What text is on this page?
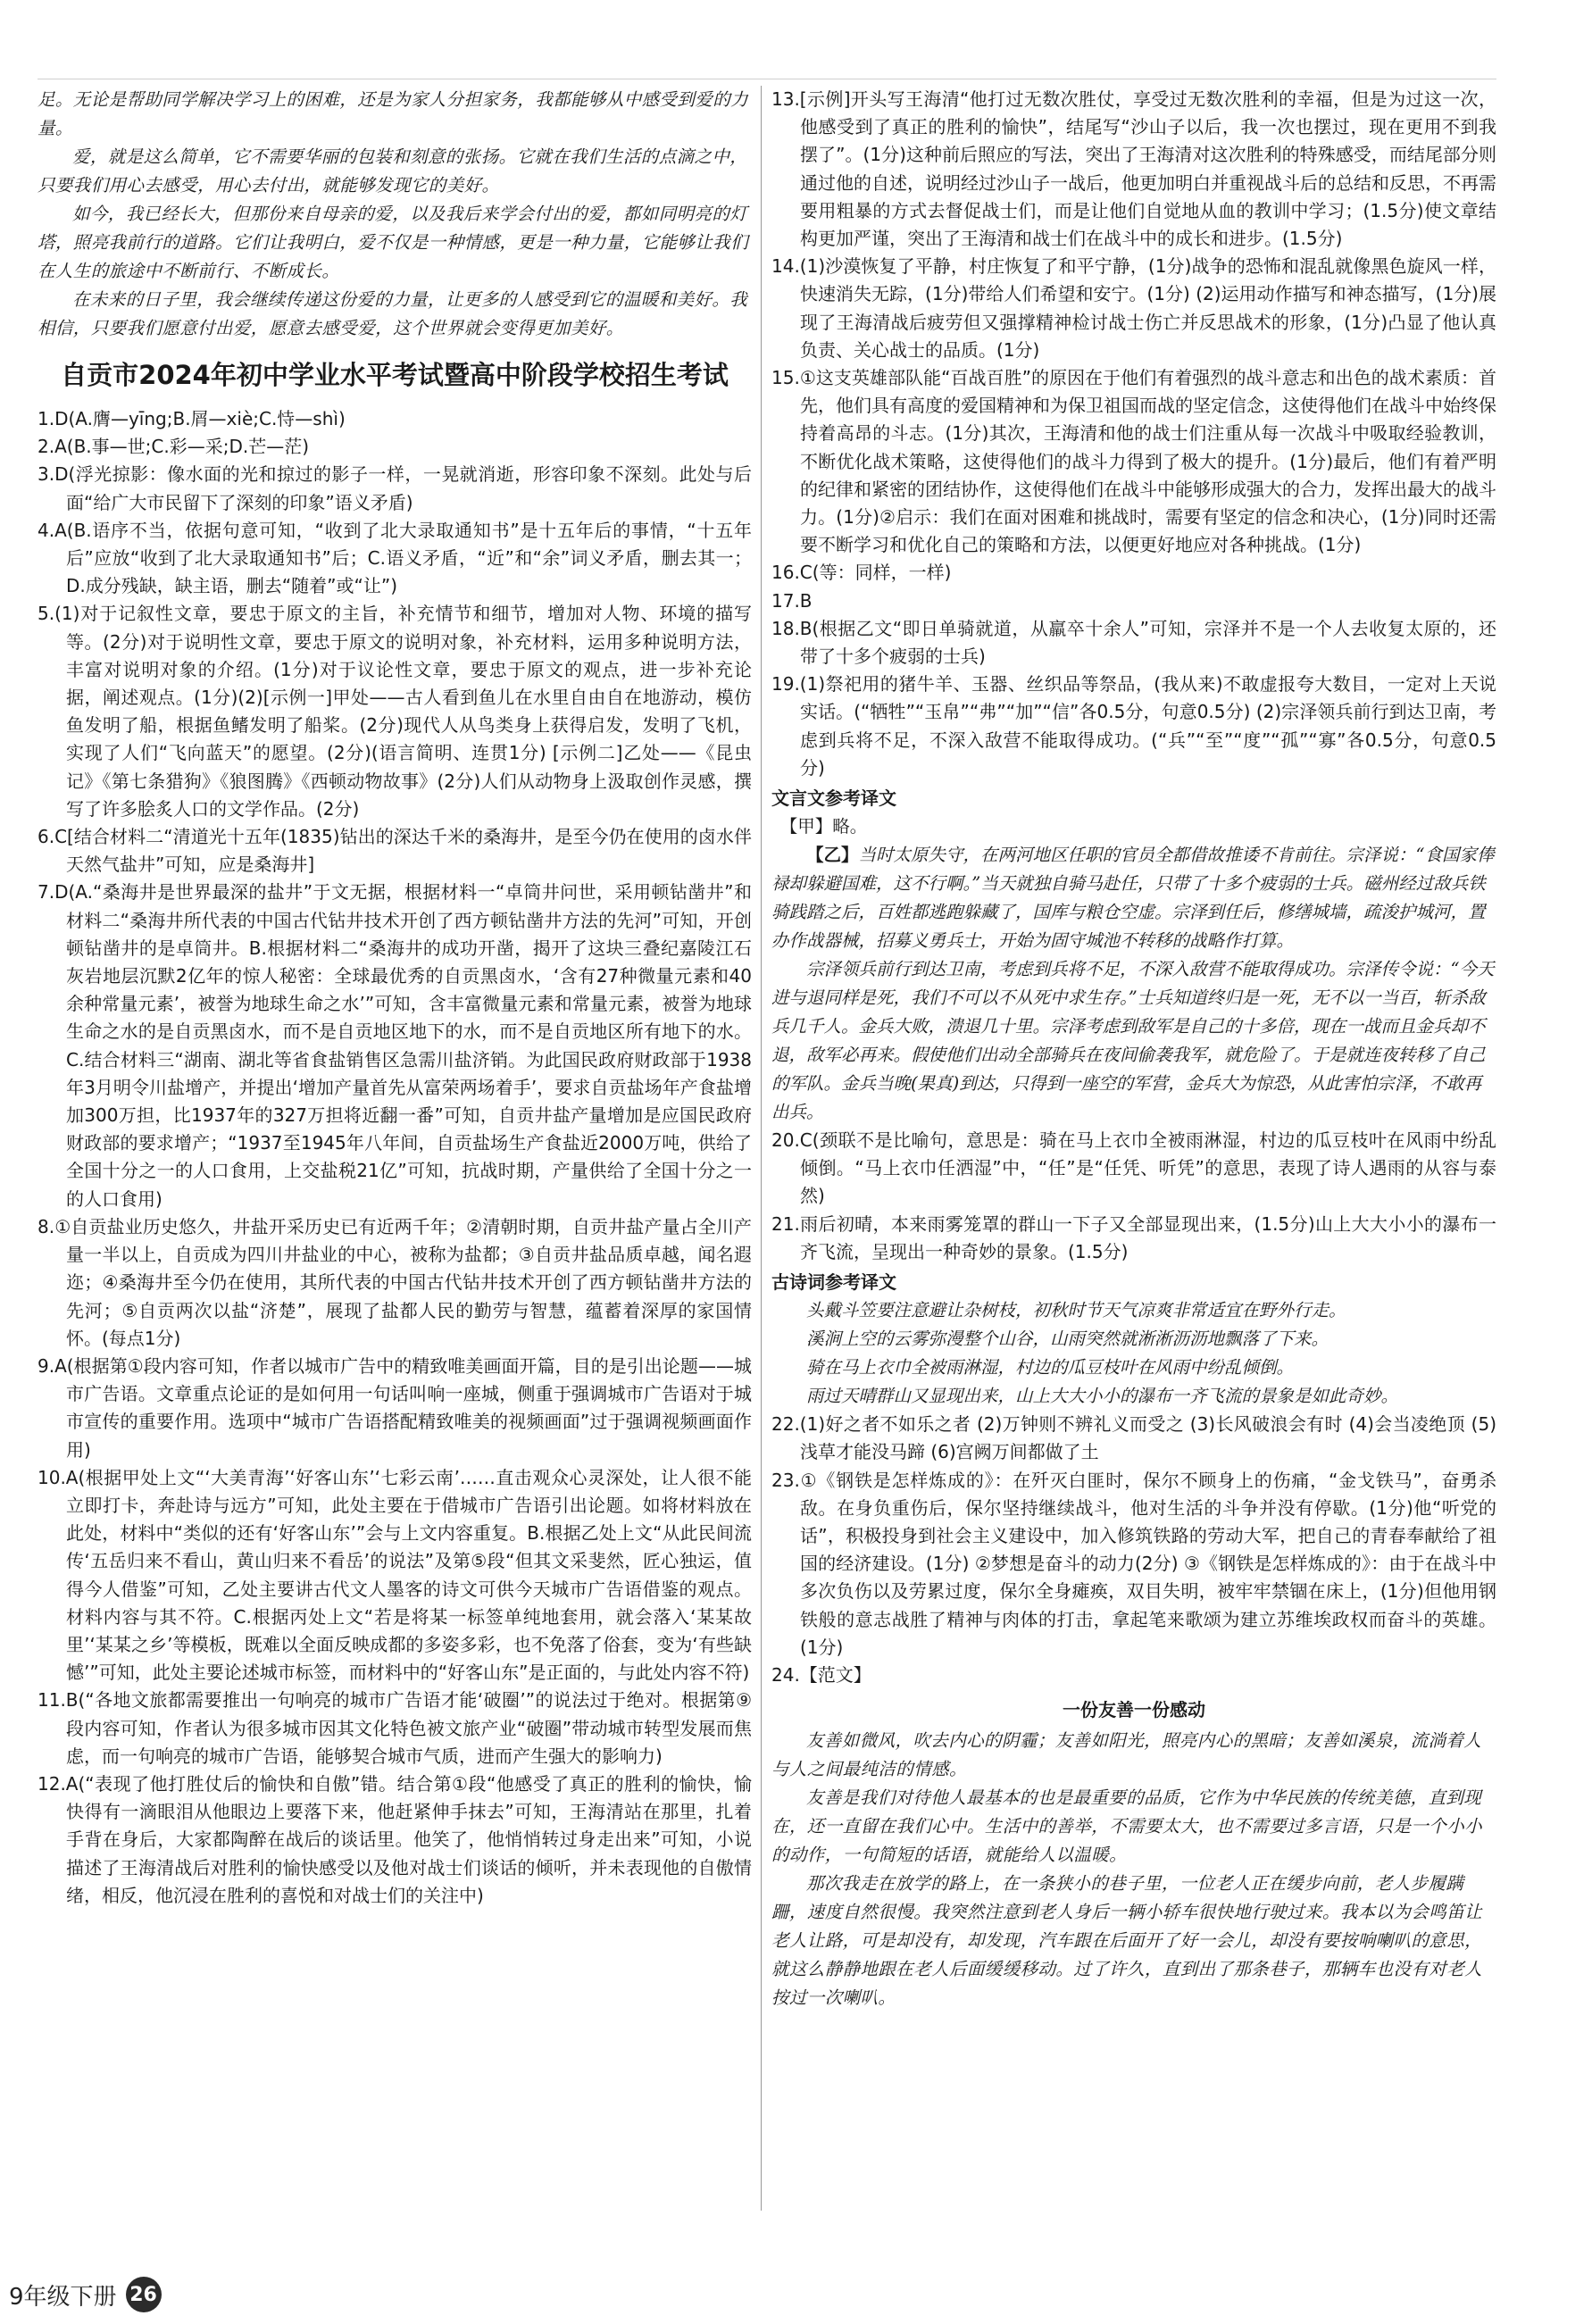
足。无论是帮助同学解决学习上的困难，还是为家人分担家务，我都能够从中感受到爱的力量。

爱，就是这么简单，它不需要华丽的包装和刻意的张扬。它就在我们生活的点滴之中，只要我们用心去感受，用心去付出，就能够发现它的美好。

如今，我已经长大，但那份来自母亲的爱，以及我后来学会付出的爱，都如同明亮的灯塔，照亮我前行的道路。它们让我明白，爱不仅是一种情感，更是一种力量，它能够让我们在人生的旅途中不断前行、不断成长。

在未来的日子里，我会继续传递这份爱的力量，让更多的人感受到它的温暖和美好。我相信，只要我们愿意付出爱，愿意去感受爱，这个世界就会变得更加美好。

自贡市2024年初中学业水平考试暨高中阶段学校招生考试

1.D(A.膺—yīng;B.屑—xiè;C.恃—shì)

2.A(B.事—世;C.彩—采;D.芒—茫)

3.D(浮光掠影：像水面的光和掠过的影子一样，一晃就消逝，形容印象不深刻。此处与后面“给广大市民留下了深刻的印象”语义矛盾)

4.A(B.语序不当，依据句意可知，“收到了北大录取通知书”是十五年后的事情，“十五年后”应放“收到了北大录取通知书”后；C.语义矛盾，“近”和“余”词义矛盾，删去其一；D.成分残缺，缺主语，删去“随着”或“让”)

5.(1)对于记叙性文章，要忠于原文的主旨，补充情节和细节，增加对人物、环境的描写等。(2分)对于说明性文章，要忠于原文的说明对象，补充材料，运用多种说明方法，丰富对说明对象的介绍。(1分)对于议论性文章，要忠于原文的观点，进一步补充论据，阐述观点。(1分)(2)[示例一]甲处——古人看到鱼儿在水里自由自在地游动，模仿鱼发明了船，根据鱼鳍发明了船桨。(2分)现代人从鸟类身上获得启发，发明了飞机，实现了人们“飞向蓝天”的愿望。(2分)(语言简明、连贯1分) [示例二]乙处——《昆虫记》《第七条猎狗》《狼图腾》《西顿动物故事》(2分)人们从动物身上汲取创作灵感，撰写了许多脍炙人口的文学作品。(2分)

6.C[结合材料二“清道光十五年(1835)钻出的深达千米的桑海井，是至今仍在使用的卤水伴天然气盐井”可知，应是桑海井]

7.D(A.“桑海井是世界最深的盐井”于文无据，根据材料一“卓筒井问世，采用顿钻凿井”和材料二“桑海井所代表的中国古代钻井技术开创了西方顿钻凿井方法的先河”可知，开创顿钻凿井的是卓筒井。B.根据材料二“桑海井的成功开凿，揭开了这块三叠纪嘉陵江石灰岩地层沉默2亿年的惊人秘密：全球最优秀的自贡黑卤水，‘含有27种微量元素和40余种常量元素’，被誉为地球生命之水’”可知，含丰富微量元素和常量元素，被誉为地球生命之水的是自贡黑卤水，而不是自贡地区地下的水，而不是自贡地区所有地下的水。C.结合材料三“湖南、湖北等省食盐销售区急需川盐济销。为此国民政府财政部于1938年3月明令川盐增产，并提出‘增加产量首先从富荣两场着手’，要求自贡盐场年产食盐增加300万担，比1937年的327万担将近翻一番”可知，自贡井盐产量增加是应国民政府财政部的要求增产；“1937至1945年八年间，自贡盐场生产食盐近2000万吨，供给了全国十分之一的人口食用，上交盐税21亿”可知，抗战时期，产量供给了全国十分之一的人口食用)

8.①自贡盐业历史悠久，井盐开采历史已有近两千年；②清朝时期，自贡井盐产量占全川产量一半以上，自贡成为四川井盐业的中心，被称为盐都；③自贡井盐品质卓越，闻名遐迩；④桑海井至今仍在使用，其所代表的中国古代钻井技术开创了西方顿钻凿井方法的先河；⑤自贡两次以盐“济楚”，展现了盐都人民的勤劳与智慧，蕴蓄着深厚的家国情怀。(每点1分)

9.A(根据第①段内容可知，作者以城市广告中的精致唯美画面开篇，目的是引出论题——城市广告语。文章重点论证的是如何用一句话叫响一座城，侧重于强调城市广告语对于城市宣传的重要作用。选项中“城市广告语搭配精致唯美的视频画面”过于强调视频画面作用)

10.A(根据甲处上文“‘大美青海’‘好客山东’‘七彩云南’……直击观众心灵深处，让人很不能立即打卡，奔赴诗与远方”可知，此处主要在于借城市广告语引出论题。如将材料放在此处，材料中“类似的还有‘好客山东’”会与上文内容重复。B.根据乙处上文“从此民间流传‘五岳归来不看山，黄山归来不看岳’的说法”及第⑤段“但其文采斐然，匠心独运，值得今人借鉴”可知，乙处主要讲古代文人墨客的诗文可供今天城市广告语借鉴的观点。材料内容与其不符。C.根据丙处上文“若是将某一标签单纯地套用，就会落入‘某某故里’‘某某之乡’等模板，既难以全面反映成都的多姿多彩，也不免落了俗套，变为‘有些缺憾’”可知，此处主要论述城市标签，而材料中的“好客山东”是正面的，与此处内容不符)

11.B(“各地文旅都需要推出一句响亮的城市广告语才能‘破圈’”的说法过于绝对。根据第⑨段内容可知，作者认为很多城市因其文化特色被文旅产业“破圈”带动城市转型发展而焦虑，而一句响亮的城市广告语，能够契合城市气质，进而产生强大的影响力)

12.A(“表现了他打胜仗后的愉快和自傲”错。结合第①段“他感受了真正的胜利的愉快，愉快得有一滴眼泪从他眼边上要落下来，他赶紧伸手抹去”可知，王海清站在那里，扎着手背在身后，大家都陶醉在战后的谈话里。他笑了，他悄悄转过身走出来”可知，小说描述了王海清战后对胜利的愉快感受以及他对战士们谈话的倾听，并未表现他的自傲情绪，相反，他沉浸在胜利的喜悦和对战士们的关注中)

13.[示例]开头写王海清“他打过无数次胜仗，享受过无数次胜利的幸福，但是为过这一次，他感受到了真正的胜利的愉快”，结尾写“沙山子以后，我一次也摆过，现在更用不到我摆了”。(1分)这种前后照应的写法，突出了王海清对这次胜利的特殊感受，而结尾部分则通过他的自述，说明经过沙山子一战后，他更加明白并重视战斗后的总结和反思，不再需要用粗暴的方式去督促战士们，而是让他们自觉地从血的教训中学习；(1.5分)使文章结构更加严谨，突出了王海清和战士们在战斗中的成长和进步。(1.5分)

14.(1)沙漠恢复了平静，村庄恢复了和平宁静，(1分)战争的恐怖和混乱就像黑色旋风一样，快速消失无踪，(1分)带给人们希望和安宁。(1分) (2)运用动作描写和神态描写，(1分)展现了王海清战后疲劳但又强撑精神检讨战士伤亡并反思战术的形象，(1分)凸显了他认真负责、关心战士的品质。(1分)

15.①这支英雄部队能“百战百胜”的原因在于他们有着强烈的战斗意志和出色的战术素质：首先，他们具有高度的爱国精神和为保卫祖国而战的坚定信念，这使得他们在战斗中始终保持着高昂的斗志。(1分)其次，王海清和他的战士们注重从每一次战斗中吸取经验教训，不断优化战术策略，这使得他们的战斗力得到了极大的提升。(1分)最后，他们有着严明的纪律和紧密的团结协作，这使得他们在战斗中能够形成强大的合力，发挥出最大的战斗力。(1分)②启示：我们在面对困难和挑战时，需要有坚定的信念和决心，(1分)同时还需要不断学习和优化自己的策略和方法，以便更好地应对各种挑战。(1分)

16.C(等：同样，一样)

17.B

18.B(根据乙文“即日单骑就道，从羸卒十余人”可知，宗泽并不是一个人去收复太原的，还带了十多个疲弱的士兵)

19.(1)祭祀用的猪牛羊、玉器、丝织品等祭品，(我从来)不敢虚报夸大数目，一定对上天说实话。(“牺牲”“玉帛”“弗”“加”“信”各0.5分，句意0.5分) (2)宗泽领兵前行到达卫南，考虑到兵将不足，不深入敌营不能取得成功。(“兵”“至”“度”“孤”“寡”各0.5分，句意0.5分)

文言文参考译文

【甲】略。

【乙】当时太原失守，在两河地区任职的官员全都借故推诿不肯前往。宗泽说：“食国家俸禄却躲避国难，这不行啊。”当天就独自骑马赴任，只带了十多个疲弱的士兵。磁州经过敌兵铁骑践踏之后，百姓都逃跑躲藏了，国库与粮仓空虚。宗泽到任后，修缮城墙，疏浚护城河，置办作战器械，招募义勇兵士，开始为固守城池不转移的战略作打算。

宗泽领兵前行到达卫南，考虑到兵将不足，不深入敌营不能取得成功。宗泽传令说：“今天进与退同样是死，我们不可以不从死中求生存。”士兵知道终归是一死，无不以一当百，斩杀敌兵几千人。金兵大败，溃退几十里。宗泽考虑到敌军是自己的十多倍，现在一战而且金兵却不退，敌军必再来。假使他们出动全部骑兵在夜间偷袭我军，就危险了。于是就连夜转移了自己的军队。金兵当晚(果真)到达，只得到一座空的军营，金兵大为惊恐，从此害怕宗泽，不敢再出兵。

20.C(颈联不是比喻句，意思是：骑在马上衣巾全被雨淋湿，村边的瓜豆枝叶在风雨中纷乱倾倒。“马上衣巾任洒湿”中，“任”是“任凭、听凭”的意思，表现了诗人遇雨的从容与泰然)

21.雨后初晴，本来雨雾笼罩的群山一下子又全部显现出来，(1.5分)山上大大小小的瀑布一齐飞流，呈现出一种奇妙的景象。(1.5分)

古诗词参考译文

头戴斗笠要注意避让杂树枝，初秋时节天气凉爽非常适宜在野外行走。

溪涧上空的云雾弥漫整个山谷，山雨突然就淅淅沥沥地飘落了下来。

骑在马上衣巾全被雨淋湿，村边的瓜豆枝叶在风雨中纷乱倾倒。

雨过天晴群山又显现出来，山上大大小小的瀑布一齐飞流的景象是如此奇妙。

22.(1)好之者不如乐之者 (2)万钟则不辨礼义而受之 (3)长风破浪会有时 (4)会当凌绝顶 (5)浅草才能没马蹄 (6)宫阙万间都做了土

23.①《钢铁是怎样炼成的》：在歼灭白匪时，保尔不顾身上的伤痛，“金戈铁马”，奋勇杀敌。在身负重伤后，保尔坚持继续战斗，他对生活的斗争并没有停歇。(1分)他“听党的话”，积极投身到社会主义建设中，加入修筑铁路的劳动大军，把自己的青春奉献给了祖国的经济建设。(1分) ②梦想是奋斗的动力(2分) ③《钢铁是怎样炼成的》：由于在战斗中多次负伤以及劳累过度，保尔全身瘫痪，双目失明，被牢牢禁锢在床上，(1分)但他用钢铁般的意志战胜了精神与肉体的打击，拿起笔来歌颂为建立苏维埃政权而奋斗的英雄。(1分)

24.【范文】

一份友善一份感动

友善如微风，吹去内心的阴霾；友善如阳光，照亮内心的黑暗；友善如溪泉，流淌着人与人之间最纯洁的情感。

友善是我们对待他人最基本的也是最重要的品质，它作为中华民族的传统美德，直到现在，还一直留在我们心中。生活中的善举，不需要太大，也不需要过多言语，只是一个小小的动作，一句简短的话语，就能给人以温暖。

那次我走在放学的路上，在一条狭小的巷子里，一位老人正在缓步向前，老人步履蹒跚，速度自然很慢。我突然注意到老人身后一辆小轿车很快地行驶过来。我本以为会鸣笛让老人让路，可是却没有，却发现，汽车跟在后面开了好一会儿，却没有要按响喇叭的意思，就这么静静地跟在老人后面缓缓移动。过了许久，直到出了那条巷子，那辆车也没有对老人按过一次喇叭。

9年级下册 26
